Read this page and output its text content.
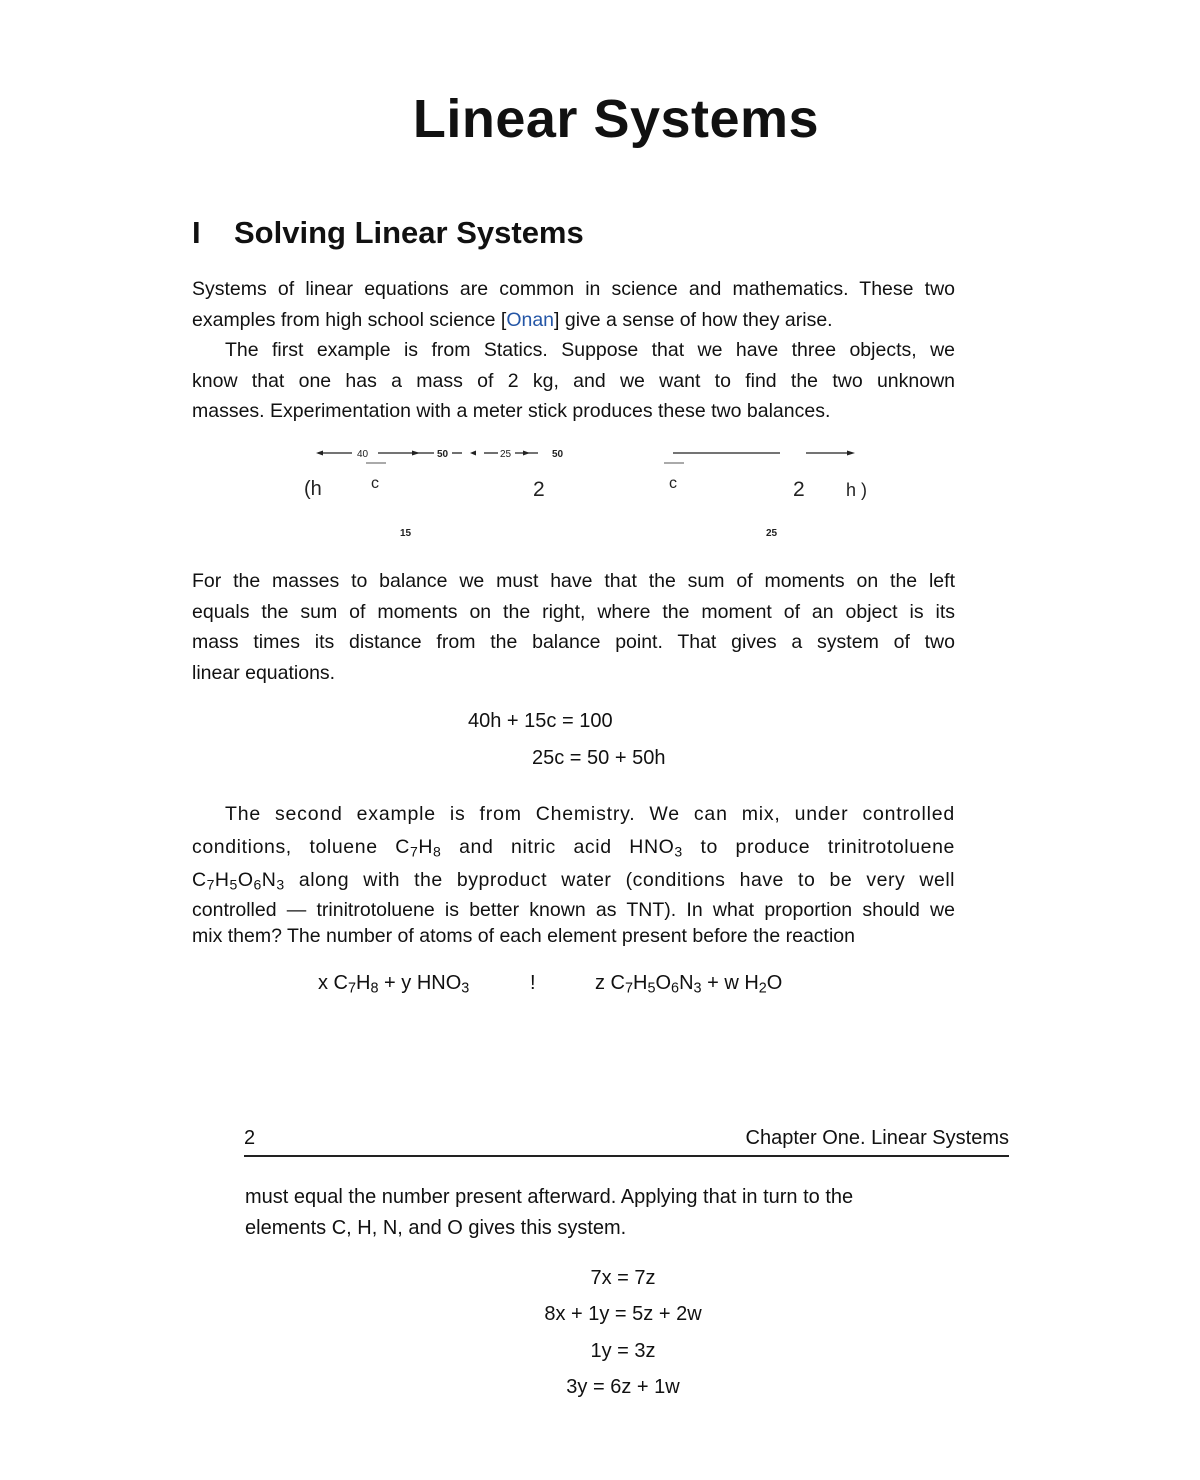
Linear Systems
I Solving Linear Systems
Systems of linear equations are common in science and mathematics. These two
examples from high school science [Onan] give a sense of how they arise.
The first example is from Statics. Suppose that we have three objects, we
know that one has a mass of 2 kg, and we want to find the two unknown
masses. Experimentation with a meter stick produces these two balances.
40	50	25	50
(h	c	2
15
c	2 h )
25
For the masses to balance we must have that the sum of moments on the left
equals the sum of moments on the right, where the moment of an object is its
mass times its distance from the balance point. That gives a system of two
linear equations.
40h + 15c = 100
25c = 50 + 50h
The second example is from Chemistry. We can mix, under controlled
conditions, toluene $C_7H_8$ and nitric acid $HNO_3$ to produce trinitrotoluene
$C_7H_5O_6N_3$ along with the byproduct water (conditions have to be very well
controlled — trinitrotoluene is better known as TNT). In what proportion should we
mix them? The number of atoms of each element present before the reaction
x $C_7H_8 + y$ $HNO_3$	!	z $C_7H_5O_6N_3 + w$ $H_2O$
2	Chapter One. Linear Systems
must equal the number present afterward. Applying that in turn to the
elements C, H, N, and O gives this system.
7x = 7z
8x + 1y = 5z + 2w
1y = 3z
3y = 6z + 1w
